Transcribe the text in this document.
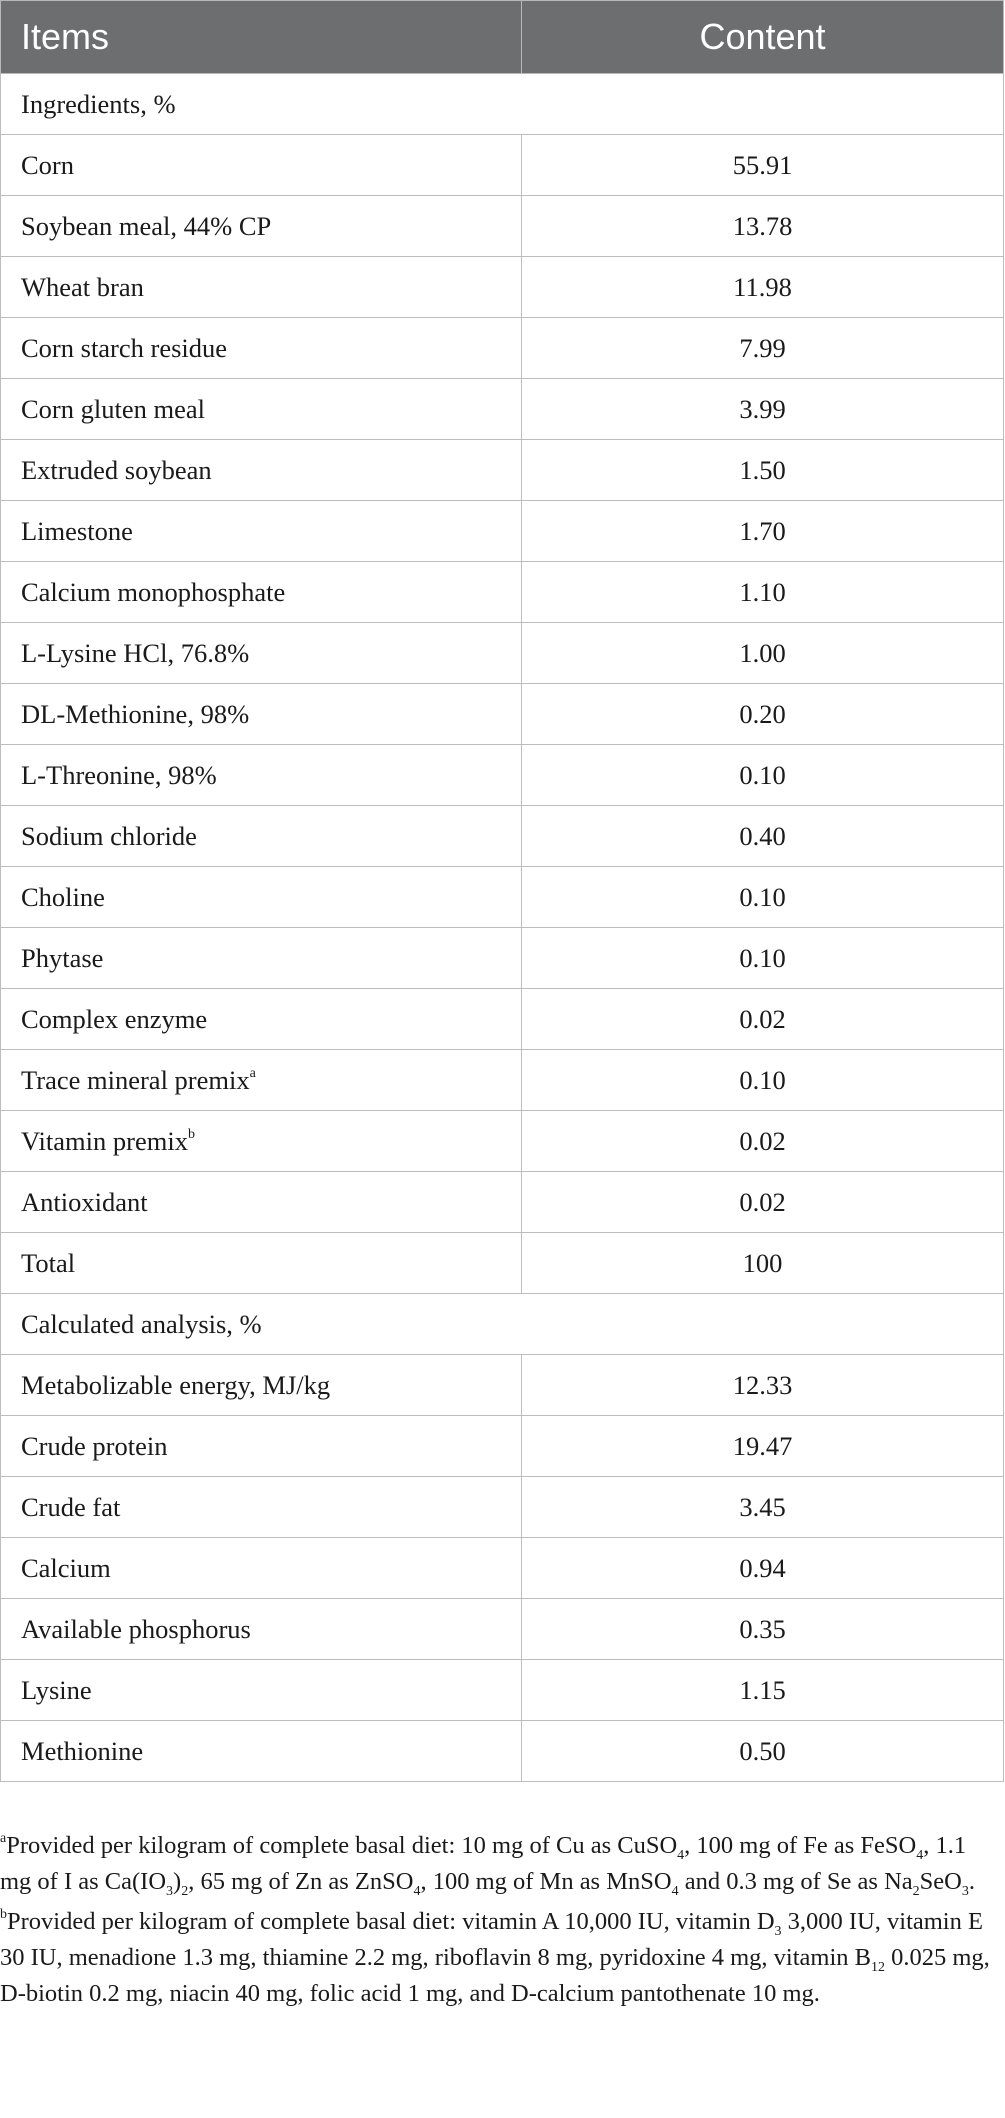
Items	Content
Ingredients, %	
Corn	55.91
Soybean meal, 44% CP	13.78
Wheat bran	11.98
Corn starch residue	7.99
Corn gluten meal	3.99
Extruded soybean	1.50
Limestone	1.70
Calcium monophosphate	1.10
L-Lysine HCl, 76.8%	1.00
DL-Methionine, 98%	0.20
L-Threonine, 98%	0.10
Sodium chloride	0.40
Choline	0.10
Phytase	0.10
Complex enzyme	0.02
Trace mineral premix$^a$	0.10
Vitamin premix$^b$	0.02
Antioxidant	0.02
Total	100
Calculated analysis, %	
Metabolizable energy, MJ/kg	12.33
Crude protein	19.47
Crude fat	3.45
Calcium	0.94
Available phosphorus	0.35
Lysine	1.15
Methionine	0.50

$^a$Provided per kilogram of complete basal diet: 10 mg of Cu as CuSO$_4$, 100 mg of Fe as FeSO$_4$, 1.1 mg of I as $Ca(IO_3)_2$, 65 mg of Zn as ZnSO$_4$, 100 mg of Mn as MnSO$_4$ and 0.3 mg of Se as $Na_2SeO_3$.

$^b$Provided per kilogram of complete basal diet: vitamin A 10,000 IU, vitamin $D_3$ 3,000 IU, vitamin E 30 IU, menadione 1.3 mg, thiamine 2.2 mg, riboflavin 8 mg, pyridoxine 4 mg, vitamin $B_{12}$ 0.025 mg, D-biotin 0.2 mg, niacin 40 mg, folic acid 1 mg, and D-calcium pantothenate 10 mg.
